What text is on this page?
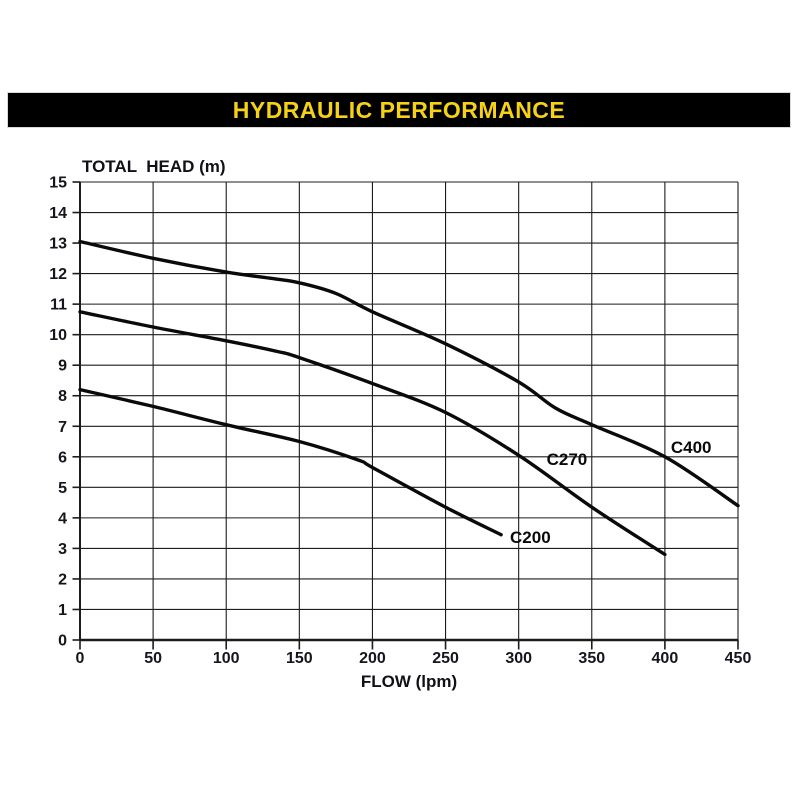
HYDRAULIC PERFORMANCE
TOTAL  HEAD (m)
FLOW (lpm)
0	50	100	150	200	250	300	350	400	450
0
1
2
3
4
5
6
7
8
9
10
11
12
13
14
15
C200
C270
C400
